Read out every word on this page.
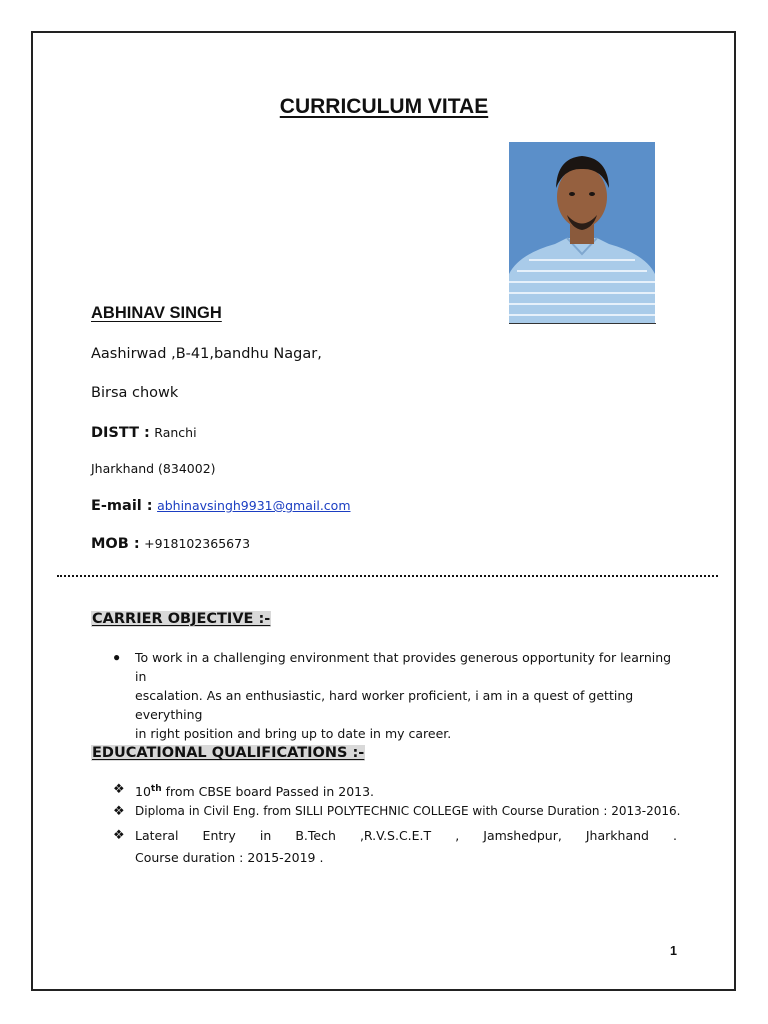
CURRICULUM VITAE
ABHINAV SINGH
Aashirwad ,B-41,bandhu Nagar,
Birsa chowk
DISTT : Ranchi
Jharkhand (834002)
E-mail : abhinavsingh9931@gmail.com
MOB : +918102365673
CARRIER OBJECTIVE :-
● To work in a challenging environment that provides generous opportunity for learning in
escalation. As an enthusiastic, hard worker proficient, i am in a quest of getting everything
in right position and bring up to date in my career.
EDUCATIONAL QUALIFICATIONS :-
❖ 10th from CBSE board Passed in 2013.
❖ Diploma in Civil Eng. from SILLI POLYTECHNIC COLLEGE with Course Duration : 2013-2016.
❖ Lateral Entry in B.Tech ,R.V.S.C.E.T , Jamshedpur, Jharkhand .
Course duration : 2015-2019 .
1
